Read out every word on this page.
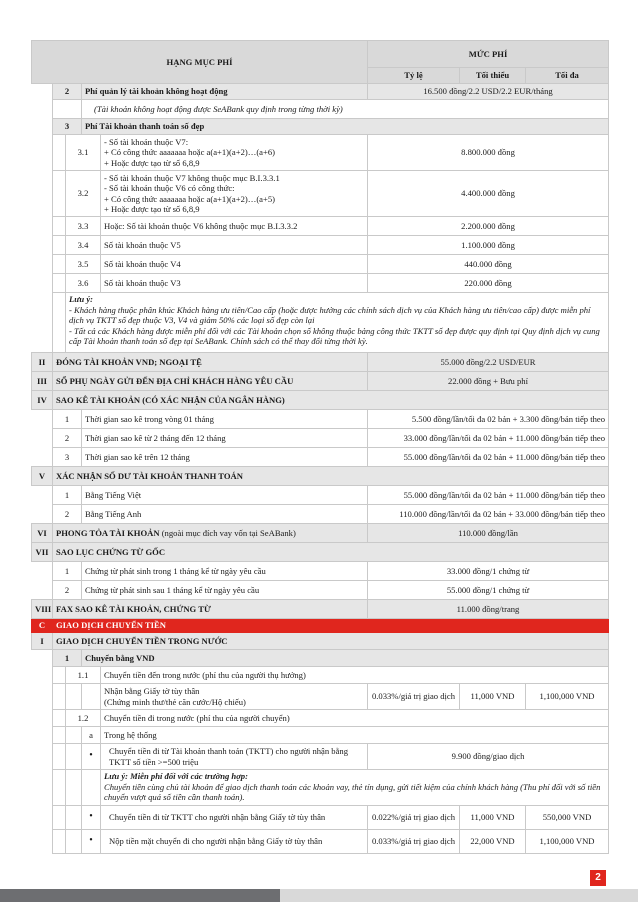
HẠNG MỤC PHÍ					MỨC PHÍ		
					Tỷ lệ	Tối thiểu	Tối đa
	2		Phí quản lý tài khoản không hoạt động		16.500 đồng/2.2 USD/2.2 EUR/tháng		
			(Tài khoản không hoạt động được SeABank quy định trong từng thời kỳ)				
	3		Phí Tài khoản thanh toán số đẹp				
		3.1		- Số tài khoản thuộc V7:
+ Có công thức aaaaaaa hoặc a(a+1)(a+2)…(a+6)
+ Hoặc được tạo từ số 6,8,9	8.800.000 đồng		
		3.2		- Số tài khoản thuộc V7 không thuộc mục B.I.3.3.1
- Số tài khoản thuộc V6 có công thức:
+ Có công thức aaaaaaa hoặc a(a+1)(a+2)…(a+5)
+ Hoặc được tạo từ số 6,8,9	4.400.000 đồng		
		3.3		Hoặc: Số tài khoản thuộc V6 không thuộc mục B.I.3.3.2	2.200.000 đồng		
		3.4		Số tài khoản thuộc V5	1.100.000 đồng		
		3.5		Số tài khoản thuộc V4	440.000 đồng		
		3.6		Số tài khoản thuộc V3	220.000 đồng		

		Lưu ý:
- Khách hàng thuộc phân khúc Khách hàng ưu tiên/Cao cấp (hoặc được hưởng các chính sách dịch vụ của Khách hàng ưu tiên/cao cấp) được miễn phí dịch vụ TKTT số đẹp thuộc V3, V4 và giảm 50% các loại số đẹp còn lại
- Tất cả các Khách hàng được miễn phí đối với các Tài khoản chọn số không thuộc bảng công thức TKTT số đẹp được quy định tại Quy định dịch vụ cung cấp Tài khoản thanh toán số đẹp tại SeABank. Chính sách có thể thay đổi từng thời kỳ.					

II	ĐÓNG TÀI KHOẢN VND; NGOẠI TỆ				55.000 đồng/2.2 USD/EUR		
III	SỔ PHỤ NGÀY GỬI ĐẾN ĐỊA CHỈ KHÁCH HÀNG YÊU CẦU				22.000 đồng + Bưu phí		
IV	SAO KÊ TÀI KHOẢN (CÓ XÁC NHẬN CỦA NGÂN HÀNG)						
	1		Thời gian sao kê trong vòng 01 tháng		5.500 đồng/lần/tối đa 02 bản + 3.300 đồng/bản tiếp theo		
	2		Thời gian sao kê từ 2 tháng đến 12 tháng		33.000 đồng/lần/tối đa 02 bản + 11.000 đồng/bản tiếp theo		
	3		Thời gian sao kê trên 12 tháng		55.000 đồng/lần/tối đa 02 bản + 11.000 đồng/bản tiếp theo		
V	XÁC NHẬN SỐ DƯ TÀI KHOẢN THANH TOÁN						
	1		Bằng Tiếng Việt		55.000 đồng/lần/tối đa 02 bản + 11.000 đồng/bản tiếp theo		
	2		Bằng Tiếng Anh		110.000 đồng/lần/tối đa 02 bản + 33.000 đồng/bản tiếp theo		
VI	PHONG TỎA TÀI KHOẢN (ngoài mục đích vay vốn tại SeABank)				110.000 đồng/lần		
VII	SAO LỤC CHỨNG TỪ GỐC						
	1		Chứng từ phát sinh trong 1 tháng kể từ ngày yêu cầu		33.000 đồng/1 chứng từ		
	2		Chứng từ phát sinh sau 1 tháng kể từ ngày yêu cầu		55.000 đồng/1 chứng từ		
VIII	FAX SAO KÊ TÀI KHOẢN, CHỨNG TỪ				11.000 đồng/trang		
C	GIAO DỊCH CHUYỂN TIỀN						
I	GIAO DỊCH CHUYỂN TIỀN TRONG NƯỚC						
	1		Chuyển bằng VND				
		1.1		Chuyển tiền đến trong nước (phí thu của người thụ hưởng)			
				Nhận bằng Giấy tờ tùy thân
(Chứng minh thư/thẻ căn cước/Hộ chiếu)	0.033%/giá trị giao dịch	11,000 VND	1,100,000 VND
		1.2		Chuyển tiền đi trong nước (phí thu của người chuyển)			
			a	Trong hệ thống			
			•	Chuyển tiền đi từ Tài khoản thanh toán (TKTT) cho người nhận bằng TKTT số tiền >=500 triệu	9.900 đồng/giao dịch		

				Lưu ý: Miễn phí đối với các trường hợp:
Chuyển tiền cùng chủ tài khoản để giao dịch thanh toán các khoản vay, thẻ tín dụng, gửi tiết kiệm của chính khách hàng (Thu phí đối với số tiền chuyển vượt quá số tiền cần thanh toán).			

			•	Chuyển tiền đi từ TKTT cho người nhận bằng Giấy tờ tùy thân	0.022%/giá trị giao dịch	11,000 VND	550,000 VND
			•	Nộp tiền mặt chuyển đi cho người nhận bằng Giấy tờ tùy thân	0.033%/giá trị giao dịch	22,000 VND	1,100,000 VND
2
